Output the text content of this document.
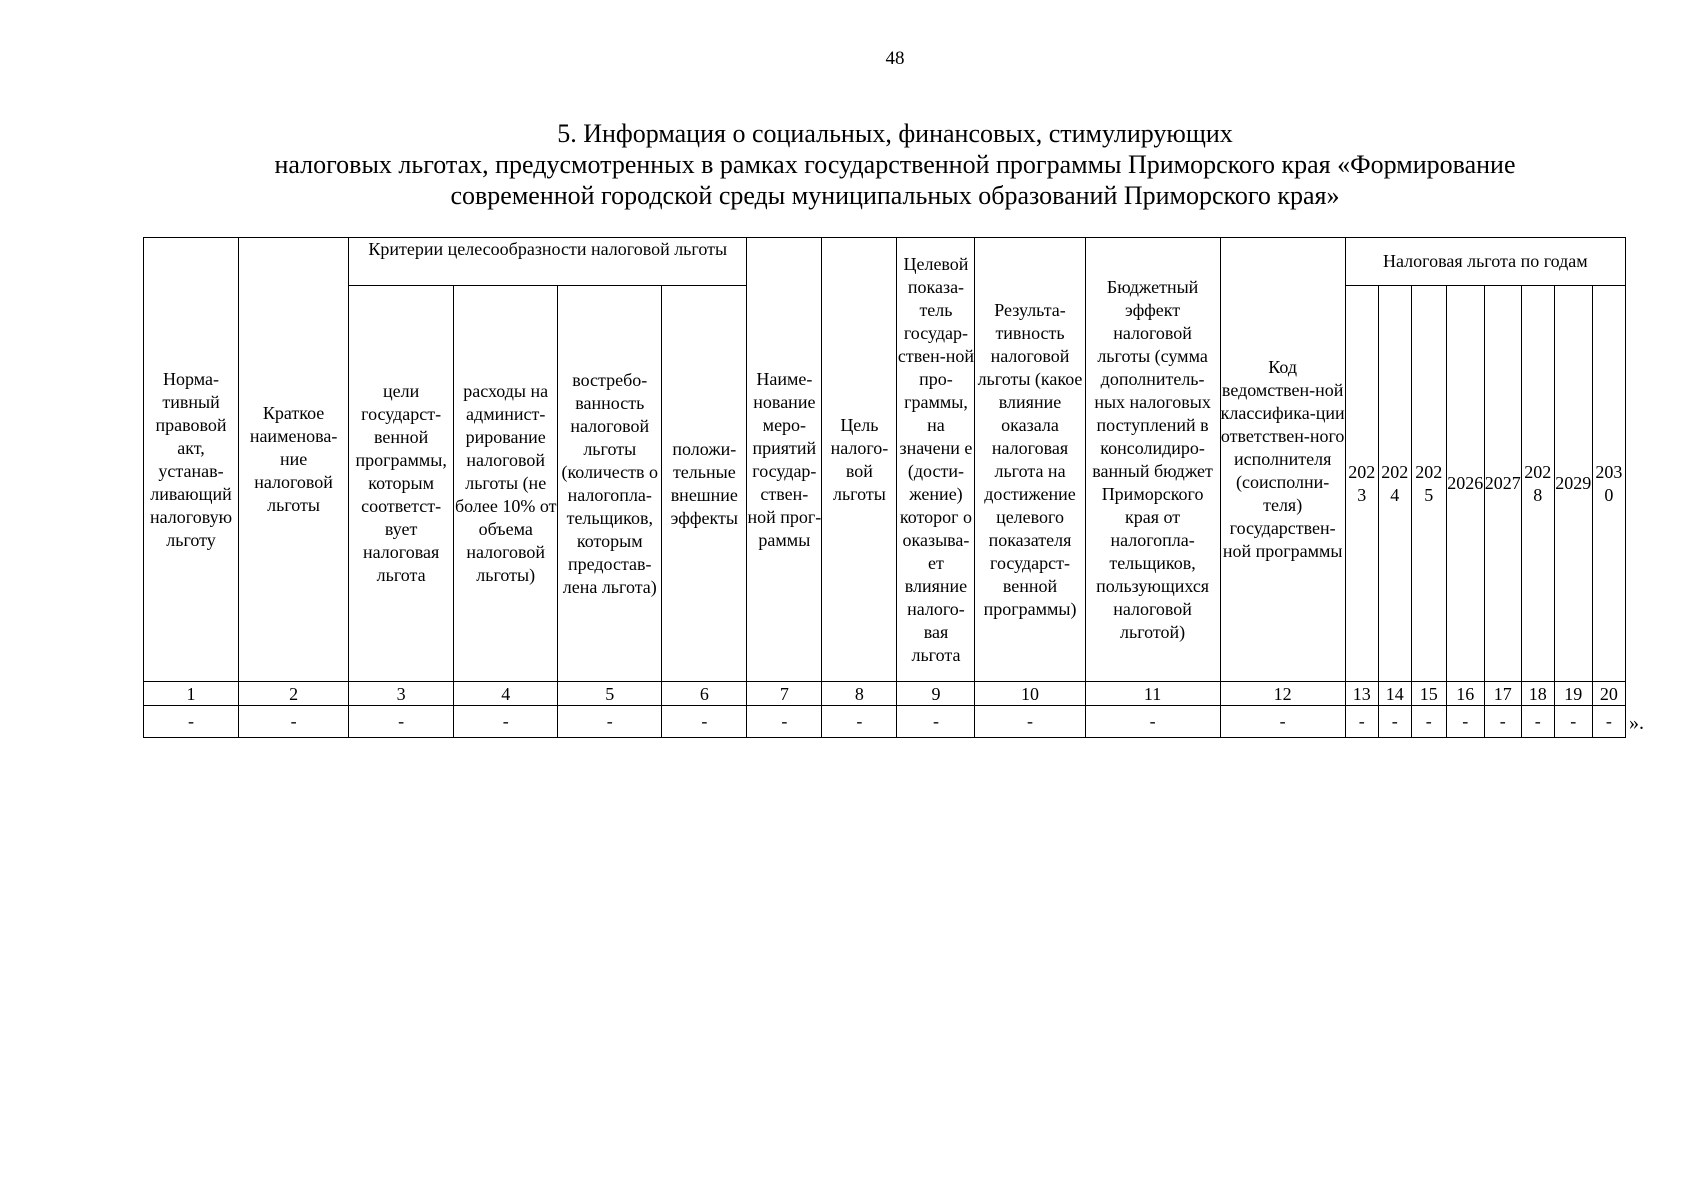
48
5. Информация о социальных, финансовых, стимулирующих
налоговых льготах, предусмотренных в рамках государственной программы Приморского края «Формирование
современной городской среды муниципальных образований Приморского края»
Норма-тивный правовой акт, устанав-ливающий налоговую льготу	Краткое наименова-ние налоговой льготы	Критерии целесообразности налоговой льготы				Наиме-нование меро-приятий государ-ствен-ной прог-раммы	Цель налого-вой льготы	Целевой показа-тель государ-ствен-ной про-граммы, на значени е (дости-жение) которог о оказыва-ет влияние налого-вая льгота	Результа-тивность налоговой льготы (какое влияние оказала налоговая льгота на достижение целевого показателя государст-венной программы)	Бюджетный эффект налоговой льготы (сумма дополнитель-ных налоговых поступлений в консолидиро-ванный бюджет Приморского края от налогопла-тельщиков, пользующихся налоговой льготой)	Код ведомствен-ной классифика-ции ответствен-ного исполнителя (соисполни-теля) государствен-ной программы	Налоговая льгота по годам							
		цели государст-венной программы, которым соответст-вует налоговая льгота	расходы на админист-рирование налоговой льготы (не более 10% от объема налоговой льготы)	востребо-ванность налоговой льготы (количеств о налогопла-тельщиков, которым предостав-лена льгота)	положи-тельные внешние эффекты							2023	2024	2025	2026	2027	2028	2029	2030
1	2	3	4	5	6	7	8	9	10	11	12	13	14	15	16	17	18	19	20
-	-	-	-	-	-	-	-	-	-	-	-	-	-	-	-	-	-	-	- ».
